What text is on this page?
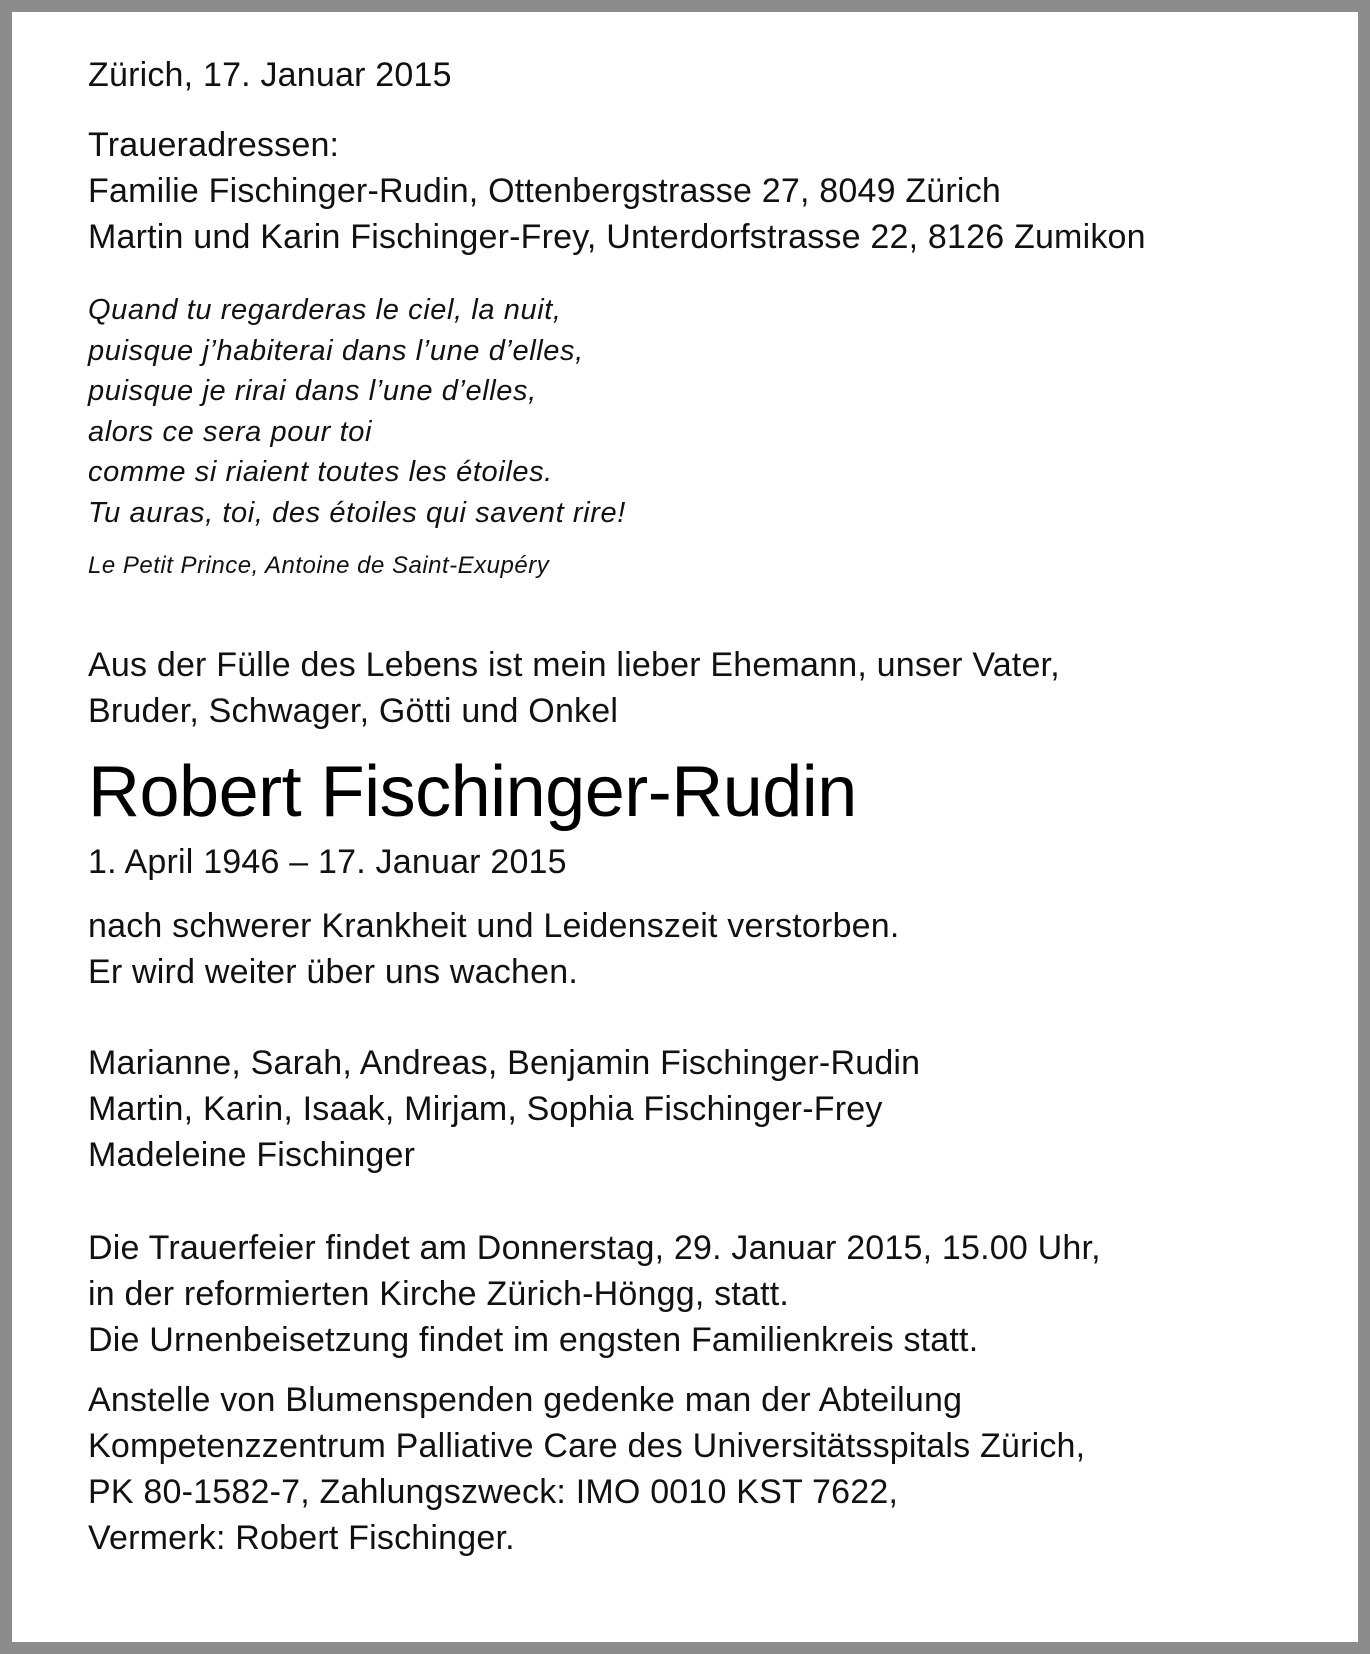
Zürich, 17. Januar 2015
Traueradressen:
Familie Fischinger-Rudin, Ottenbergstrasse 27, 8049 Zürich
Martin und Karin Fischinger-Frey, Unterdorfstrasse 22, 8126 Zumikon
Quand tu regarderas le ciel, la nuit,
puisque j’habiterai dans l’une d’elles,
puisque je rirai dans l’une d’elles,
alors ce sera pour toi
comme si riaient toutes les étoiles.
Tu auras, toi, des étoiles qui savent rire!
Le Petit Prince, Antoine de Saint-Exupéry
Aus der Fülle des Lebens ist mein lieber Ehemann, unser Vater,
Bruder, Schwager, Götti und Onkel
Robert Fischinger-Rudin
1. April 1946 – 17. Januar 2015
nach schwerer Krankheit und Leidenszeit verstorben.
Er wird weiter über uns wachen.
Marianne, Sarah, Andreas, Benjamin Fischinger-Rudin
Martin, Karin, Isaak, Mirjam, Sophia Fischinger-Frey
Madeleine Fischinger
Die Trauerfeier findet am Donnerstag, 29. Januar 2015, 15.00 Uhr,
in der reformierten Kirche Zürich-Höngg, statt.
Die Urnenbeisetzung findet im engsten Familienkreis statt.
Anstelle von Blumenspenden gedenke man der Abteilung
Kompetenzzentrum Palliative Care des Universitätsspitals Zürich,
PK 80-1582-7, Zahlungszweck: IMO 0010 KST 7622,
Vermerk: Robert Fischinger.
